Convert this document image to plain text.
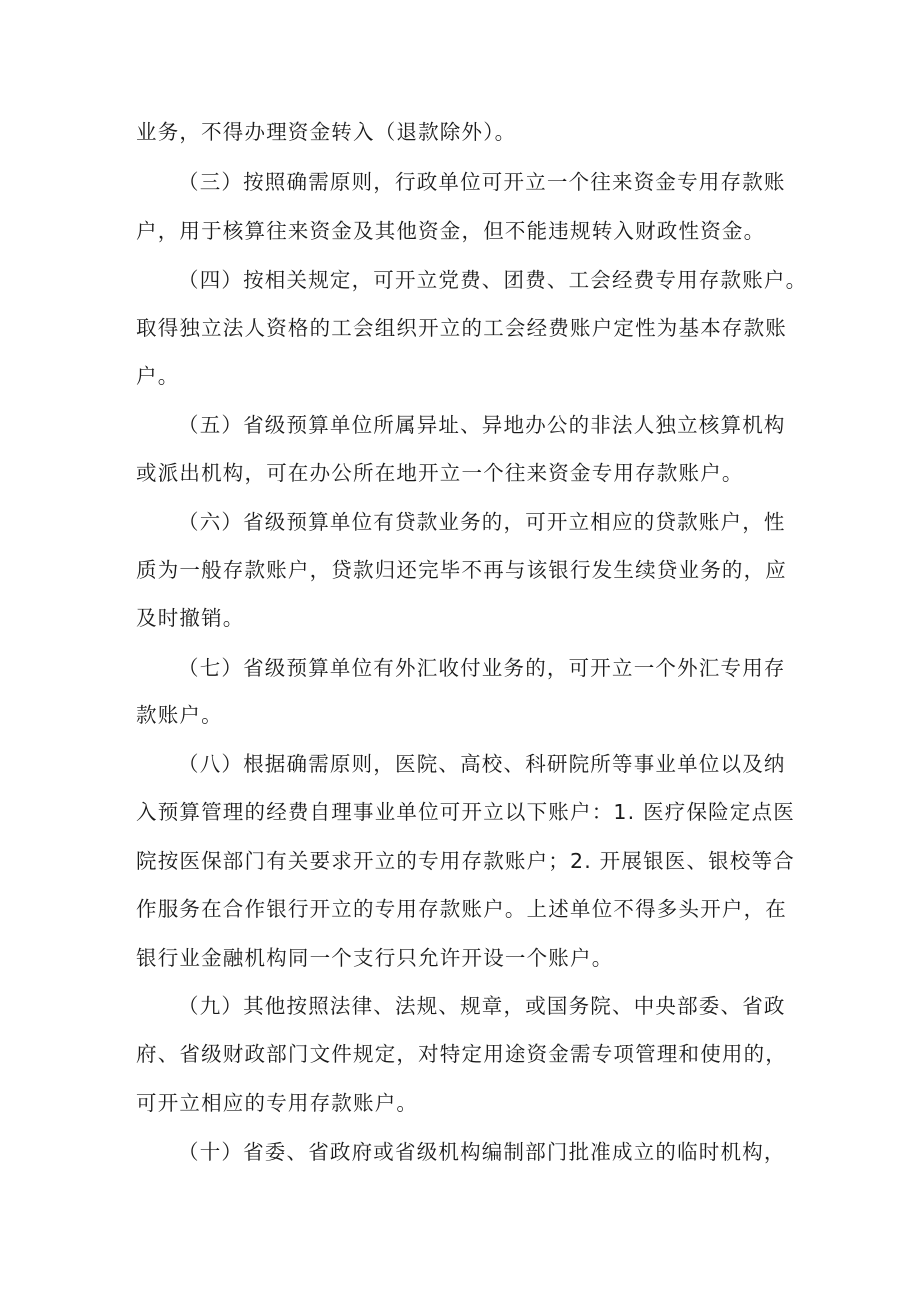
业务，不得办理资金转入（退款除外）。
（三）按照确需原则，行政单位可开立一个往来资金专用存款账
户，用于核算往来资金及其他资金，但不能违规转入财政性资金。
（四）按相关规定，可开立党费、团费、工会经费专用存款账户。
取得独立法人资格的工会组织开立的工会经费账户定性为基本存款账
户。
（五）省级预算单位所属异址、异地办公的非法人独立核算机构
或派出机构，可在办公所在地开立一个往来资金专用存款账户。
（六）省级预算单位有贷款业务的，可开立相应的贷款账户，性
质为一般存款账户，贷款归还完毕不再与该银行发生续贷业务的，应
及时撤销。
（七）省级预算单位有外汇收付业务的，可开立一个外汇专用存
款账户。
（八）根据确需原则，医院、高校、科研院所等事业单位以及纳
入预算管理的经费自理事业单位可开立以下账户：1. 医疗保险定点医
院按医保部门有关要求开立的专用存款账户；2. 开展银医、银校等合
作服务在合作银行开立的专用存款账户。上述单位不得多头开户，在
银行业金融机构同一个支行只允许开设一个账户。
（九）其他按照法律、法规、规章，或国务院、中央部委、省政
府、省级财政部门文件规定，对特定用途资金需专项管理和使用的，
可开立相应的专用存款账户。
（十）省委、省政府或省级机构编制部门批准成立的临时机构，
